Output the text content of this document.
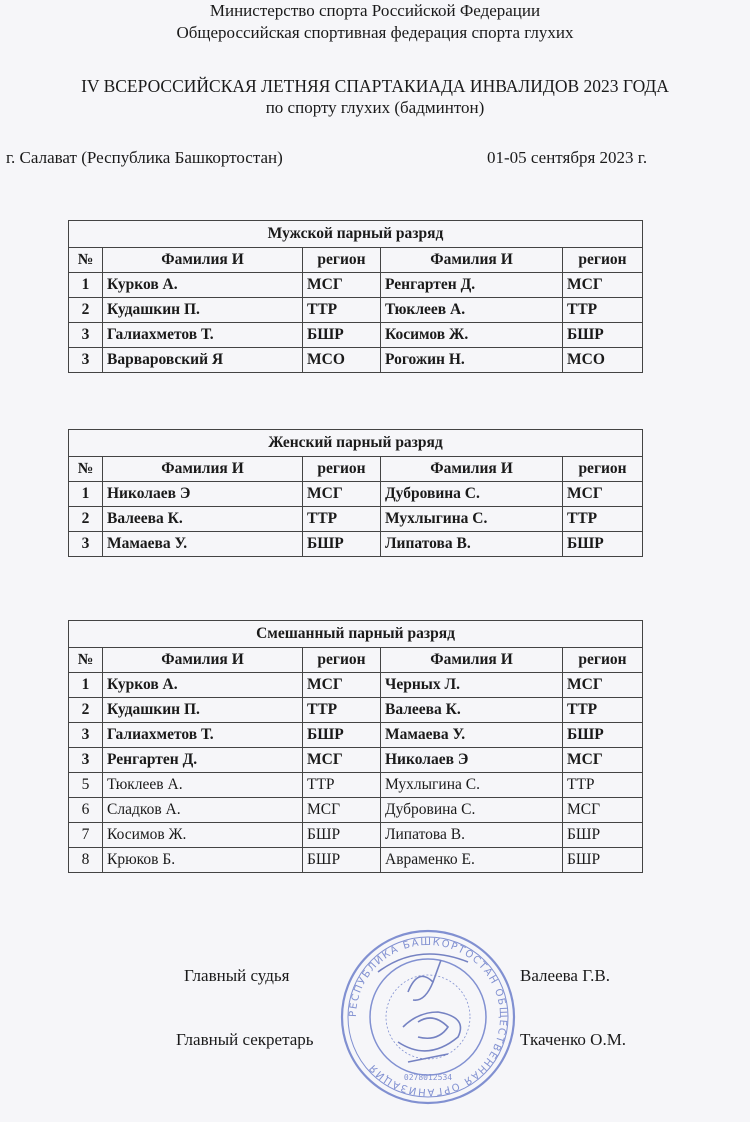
Министерство спорта Российской Федерации
Общероссийская спортивная федерация спорта глухих
IV ВСЕРОССИЙСКАЯ ЛЕТНЯЯ СПАРТАКИАДА ИНВАЛИДОВ 2023 ГОДА
по спорту глухих (бадминтон)
г. Салават (Республика Башкортостан)	01-05 сентября 2023 г.
Мужской парный разряд				
№	Фамилия И	регион	Фамилия И	регион
1	Курков А.	МСГ	Ренгартен Д.	МСГ
2	Кудашкин П.	ТТР	Тюклеев А.	ТТР
3	Галиахметов Т.	БШР	Косимов Ж.	БШР
3	Варваровский Я	МСО	Рогожин Н.	МСО
Женский парный разряд				
№	Фамилия И	регион	Фамилия И	регион
1	Николаев Э	МСГ	Дубровина С.	МСГ
2	Валеева К.	ТТР	Мухлыгина С.	ТТР
3	Мамаева У.	БШР	Липатова В.	БШР
Смешанный парный разряд				
№	Фамилия И	регион	Фамилия И	регион
1	Курков А.	МСГ	Черных Л.	МСГ
2	Кудашкин П.	ТТР	Валеева К.	ТТР
3	Галиахметов Т.	БШР	Мамаева У.	БШР
3	Ренгартен Д.	МСГ	Николаев Э	МСГ
5	Тюклеев А.	ТТР	Мухлыгина С.	ТТР
6	Сладков А.	МСГ	Дубровина С.	МСГ
7	Косимов Ж.	БШР	Липатова В.	БШР
8	Крюков Б.	БШР	Авраменко Е.	БШР
РЕСПУБЛИКА БАШКОРТОСТАН ОБЩЕСТВЕННАЯ ОРГАНИЗАЦИЯ
0278012534
Главный судья	Валеева Г.В.
Главный секретарь	Ткаченко О.М.
